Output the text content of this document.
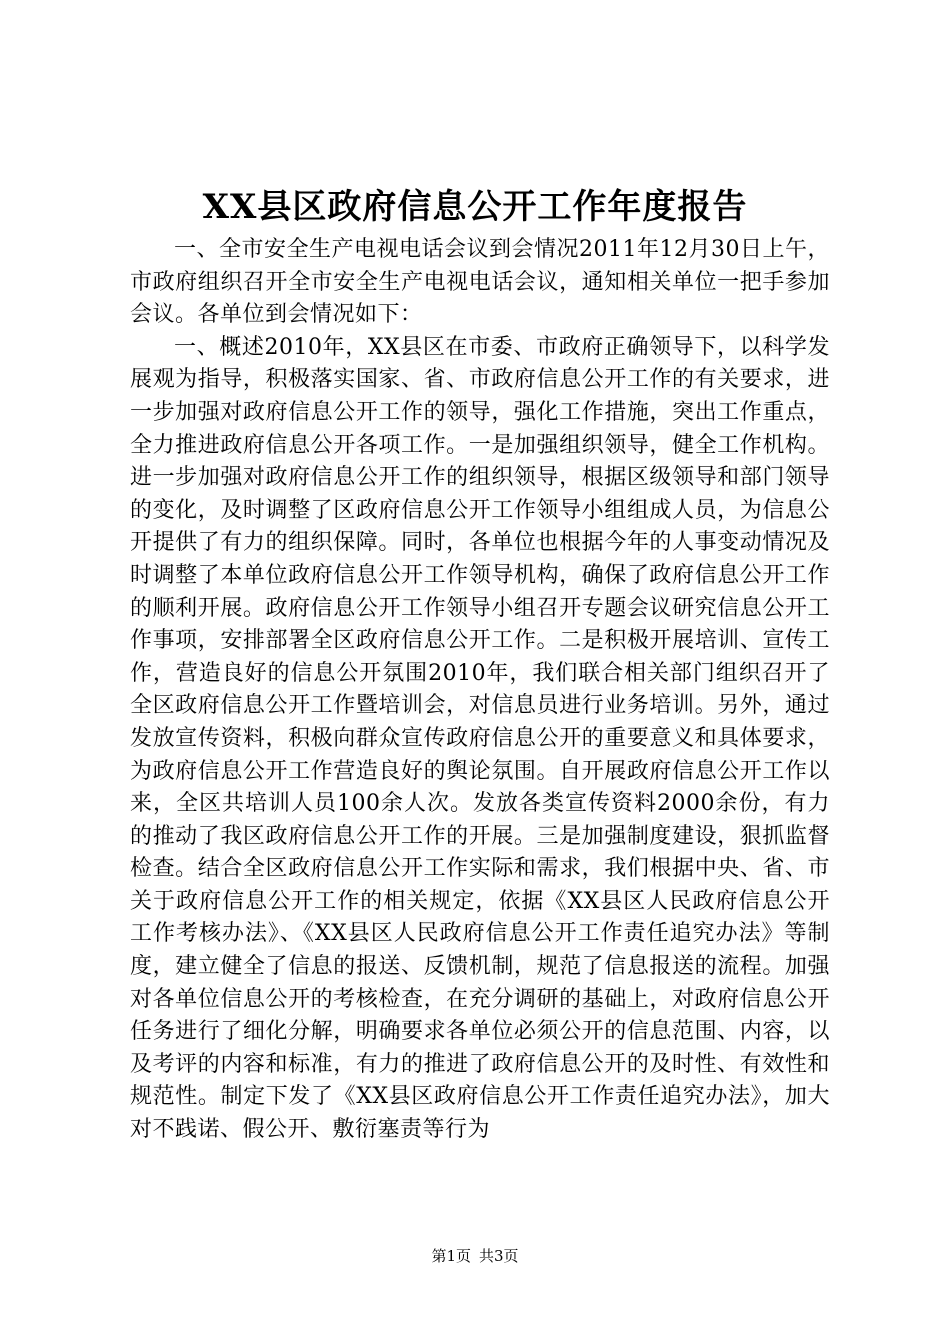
XX县区政府信息公开工作年度报告

一、全市安全生产电视电话会议到会情况2011年12月30日上午，市政府组织召开全市安全生产电视电话会议，通知相关单位一把手参加会议。各单位到会情况如下：

一、概述2010年，XX县区在市委、市政府正确领导下，以科学发展观为指导，积极落实国家、省、市政府信息公开工作的有关要求，进一步加强对政府信息公开工作的领导，强化工作措施，突出工作重点，全力推进政府信息公开各项工作。一是加强组织领导，健全工作机构。进一步加强对政府信息公开工作的组织领导，根据区级领导和部门领导的变化，及时调整了区政府信息公开工作领导小组组成人员，为信息公开提供了有力的组织保障。同时，各单位也根据今年的人事变动情况及时调整了本单位政府信息公开工作领导机构，确保了政府信息公开工作的顺利开展。政府信息公开工作领导小组召开专题会议研究信息公开工作事项，安排部署全区政府信息公开工作。二是积极开展培训、宣传工作，营造良好的信息公开氛围2010年，我们联合相关部门组织召开了全区政府信息公开工作暨培训会，对信息员进行业务培训。另外，通过发放宣传资料，积极向群众宣传政府信息公开的重要意义和具体要求，为政府信息公开工作营造良好的舆论氛围。自开展政府信息公开工作以来，全区共培训人员100余人次。发放各类宣传资料2000余份，有力的推动了我区政府信息公开工作的开展。三是加强制度建设，狠抓监督检查。结合全区政府信息公开工作实际和需求，我们根据中央、省、市关于政府信息公开工作的相关规定，依据《XX县区人民政府信息公开工作考核办法》、《XX县区人民政府信息公开工作责任追究办法》等制度，建立健全了信息的报送、反馈机制，规范了信息报送的流程。加强对各单位信息公开的考核检查，在充分调研的基础上，对政府信息公开任务进行了细化分解，明确要求各单位必须公开的信息范围、内容，以及考评的内容和标准，有力的推进了政府信息公开的及时性、有效性和规范性。制定下发了《XX县区政府信息公开工作责任追究办法》，加大对不践诺、假公开、敷衍塞责等行为

第1页 共3页
